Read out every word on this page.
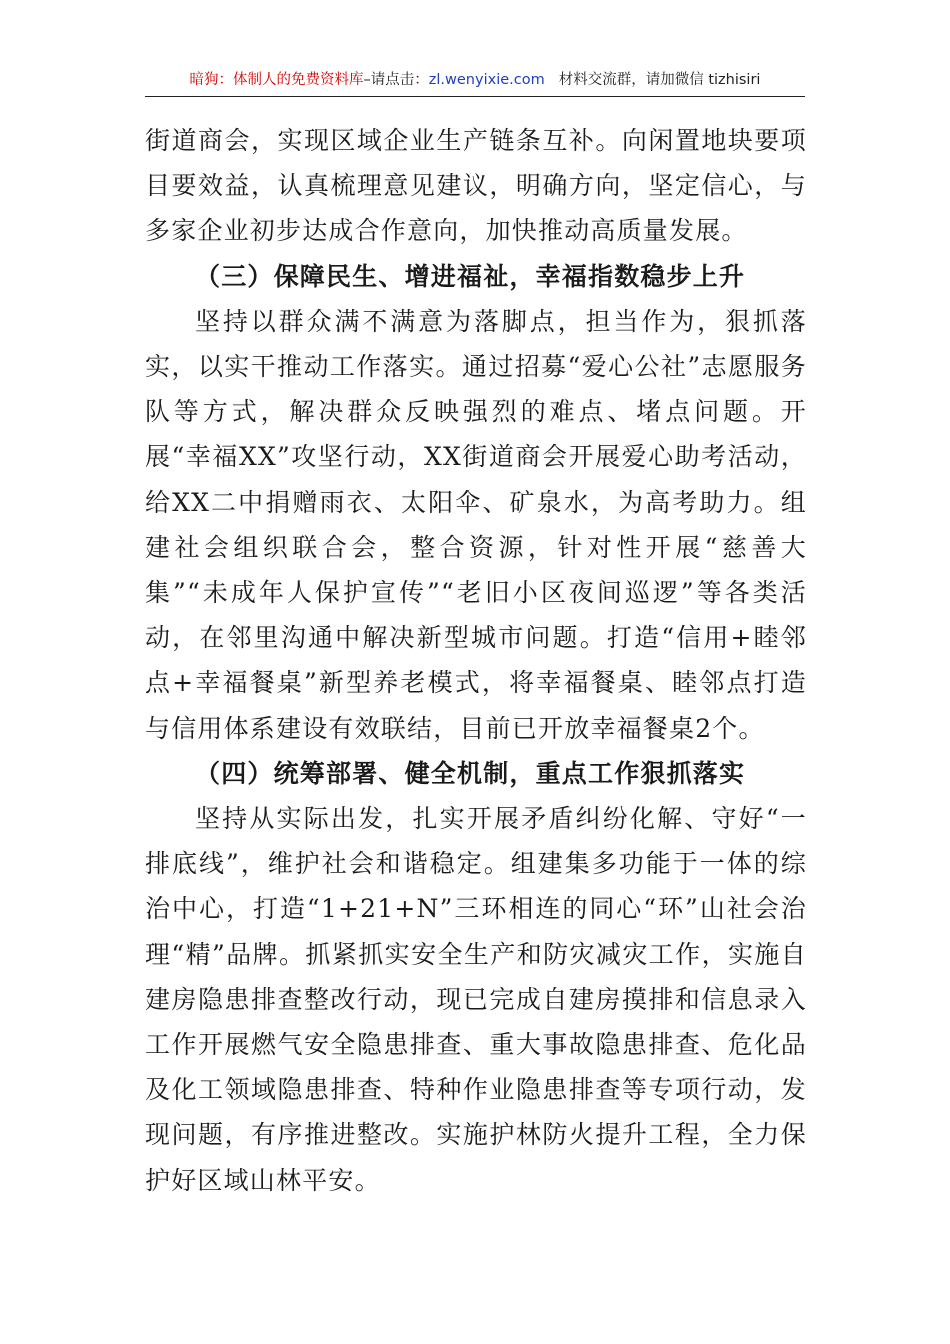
暗狗：体制人的免费资料库–请点击：zl.wenyixie.com 材料交流群，请加微信 tizhisiri

街道商会，实现区域企业生产链条互补。向闲置地块要项目要效益，认真梳理意见建议，明确方向，坚定信心，与多家企业初步达成合作意向，加快推动高质量发展。

（三）保障民生、增进福祉，幸福指数稳步上升

坚持以群众满不满意为落脚点，担当作为，狠抓落实，以实干推动工作落实。通过招募“爱心公社”志愿服务队等方式，解决群众反映强烈的难点、堵点问题。开展“幸福XX”攻坚行动，XX街道商会开展爱心助考活动，给XX二中捐赠雨衣、太阳伞、矿泉水，为高考助力。组建社会组织联合会，整合资源，针对性开展“慈善大集”“未成年人保护宣传”“老旧小区夜间巡逻”等各类活动，在邻里沟通中解决新型城市问题。打造“信用+睦邻点+幸福餐桌”新型养老模式，将幸福餐桌、睦邻点打造与信用体系建设有效联结，目前已开放幸福餐桌2个。

（四）统筹部署、健全机制，重点工作狠抓落实

坚持从实际出发，扎实开展矛盾纠纷化解、守好“一排底线”，维护社会和谐稳定。组建集多功能于一体的综治中心，打造“1+21+N”三环相连的同心“环”山社会治理“精”品牌。抓紧抓实安全生产和防灾减灾工作，实施自建房隐患排查整改行动，现已完成自建房摸排和信息录入工作开展燃气安全隐患排查、重大事故隐患排查、危化品及化工领域隐患排查、特种作业隐患排查等专项行动，发现问题，有序推进整改。实施护林防火提升工程，全力保护好区域山林平安。
